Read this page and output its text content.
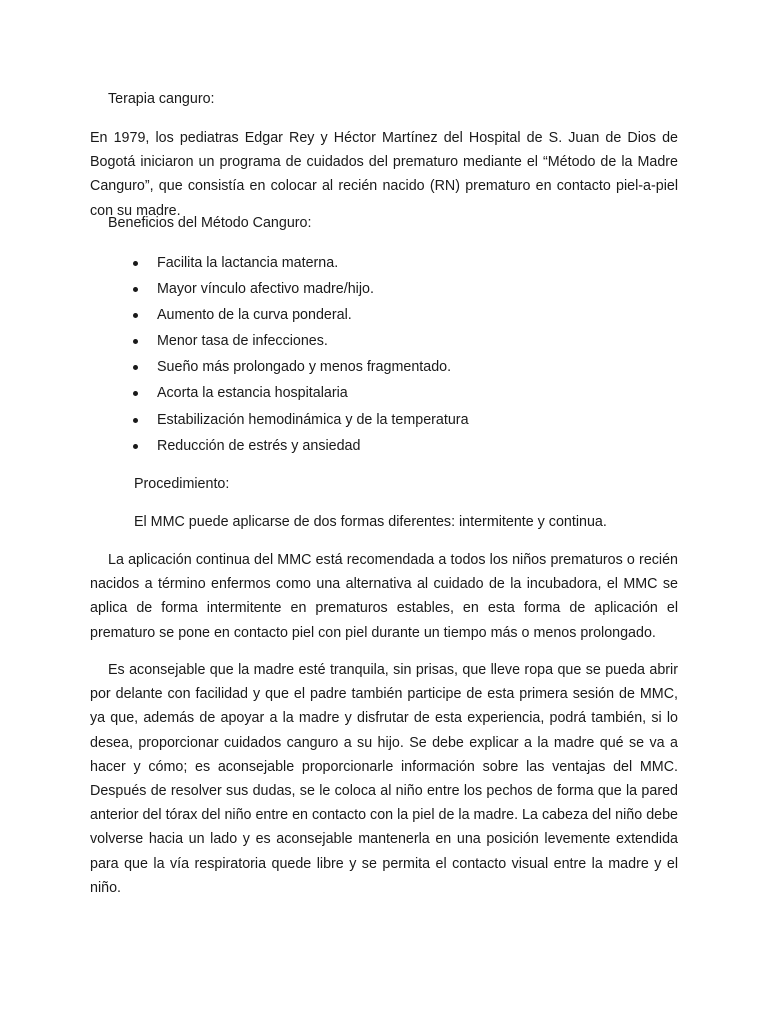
Terapia canguro:
En 1979, los pediatras Edgar Rey y Héctor Martínez del Hospital de S. Juan de Dios de Bogotá iniciaron un programa de cuidados del prematuro mediante el “Método de la Madre Canguro”, que consistía en colocar al recién nacido (RN) prematuro en contacto piel-a-piel con su madre.
Beneficios del Método Canguro:
Facilita la lactancia materna.
Mayor vínculo afectivo madre/hijo.
Aumento de la curva ponderal.
Menor tasa de infecciones.
Sueño más prolongado y menos fragmentado.
Acorta la estancia hospitalaria
Estabilización hemodinámica y de la temperatura
Reducción de estrés y ansiedad
Procedimiento:
El MMC puede aplicarse de dos formas diferentes: intermitente y continua.
La aplicación continua del MMC está recomendada a todos los niños prematuros o recién nacidos a término enfermos como una alternativa al cuidado de la incubadora, el MMC se aplica de forma intermitente en prematuros estables, en esta forma de aplicación el prematuro se pone en contacto piel con piel durante un tiempo más o menos prolongado.
Es aconsejable que la madre esté tranquila, sin prisas, que lleve ropa que se pueda abrir por delante con facilidad y que el padre también participe de esta primera sesión de MMC, ya que, además de apoyar a la madre y disfrutar de esta experiencia, podrá también, si lo desea, proporcionar cuidados canguro a su hijo. Se debe explicar a la madre qué se va a hacer y cómo; es aconsejable proporcionarle información sobre las ventajas del MMC. Después de resolver sus dudas, se le coloca al niño entre los pechos de forma que la pared anterior del tórax del niño entre en contacto con la piel de la madre. La cabeza del niño debe volverse hacia un lado y es aconsejable mantenerla en una posición levemente extendida para que la vía respiratoria quede libre y se permita el contacto visual entre la madre y el niño.
